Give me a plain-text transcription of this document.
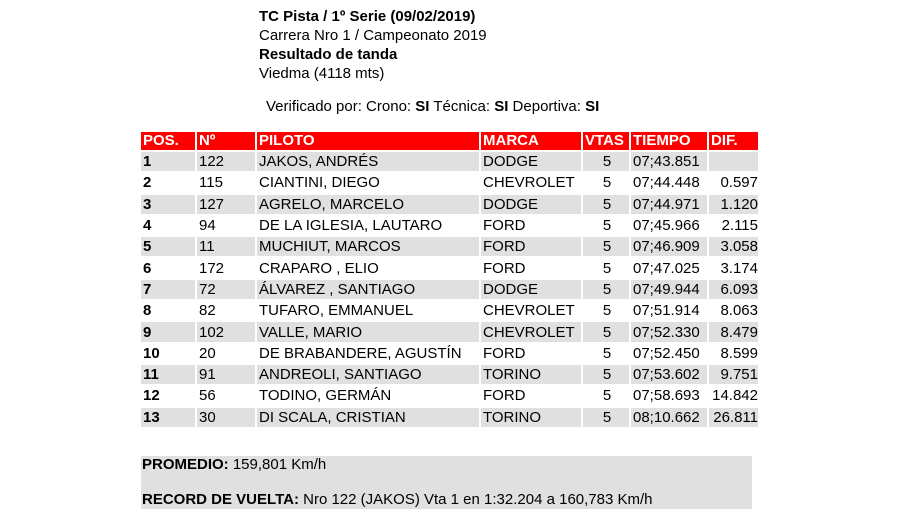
TC Pista / 1º Serie (09/02/2019)
Carrera Nro 1 / Campeonato 2019
Resultado de tanda
Viedma (4118 mts)
Verificado por: Crono: SI Técnica: SI Deportiva: SI
POS.	Nº	PILOTO	MARCA	VTAS	TIEMPO	DIF.
1	122	JAKOS, ANDRÉS	DODGE	5	07;43.851	
2	115	CIANTINI, DIEGO	CHEVROLET	5	07;44.448	0.597
3	127	AGRELO, MARCELO	DODGE	5	07;44.971	1.120
4	94	DE LA IGLESIA, LAUTARO	FORD	5	07;45.966	2.115
5	11	MUCHIUT, MARCOS	FORD	5	07;46.909	3.058
6	172	CRAPARO , ELIO	FORD	5	07;47.025	3.174
7	72	ÁLVAREZ , SANTIAGO	DODGE	5	07;49.944	6.093
8	82	TUFARO, EMMANUEL	CHEVROLET	5	07;51.914	8.063
9	102	VALLE, MARIO	CHEVROLET	5	07;52.330	8.479
10	20	DE BRABANDERE, AGUSTÍN	FORD	5	07;52.450	8.599
11	91	ANDREOLI, SANTIAGO	TORINO	5	07;53.602	9.751
12	56	TODINO, GERMÁN	FORD	5	07;58.693	14.842
13	30	DI SCALA, CRISTIAN	TORINO	5	08;10.662	26.811
PROMEDIO: 159,801 Km/h
RECORD DE VUELTA: Nro 122 (JAKOS) Vta 1 en 1:32.204 a 160,783 Km/h
